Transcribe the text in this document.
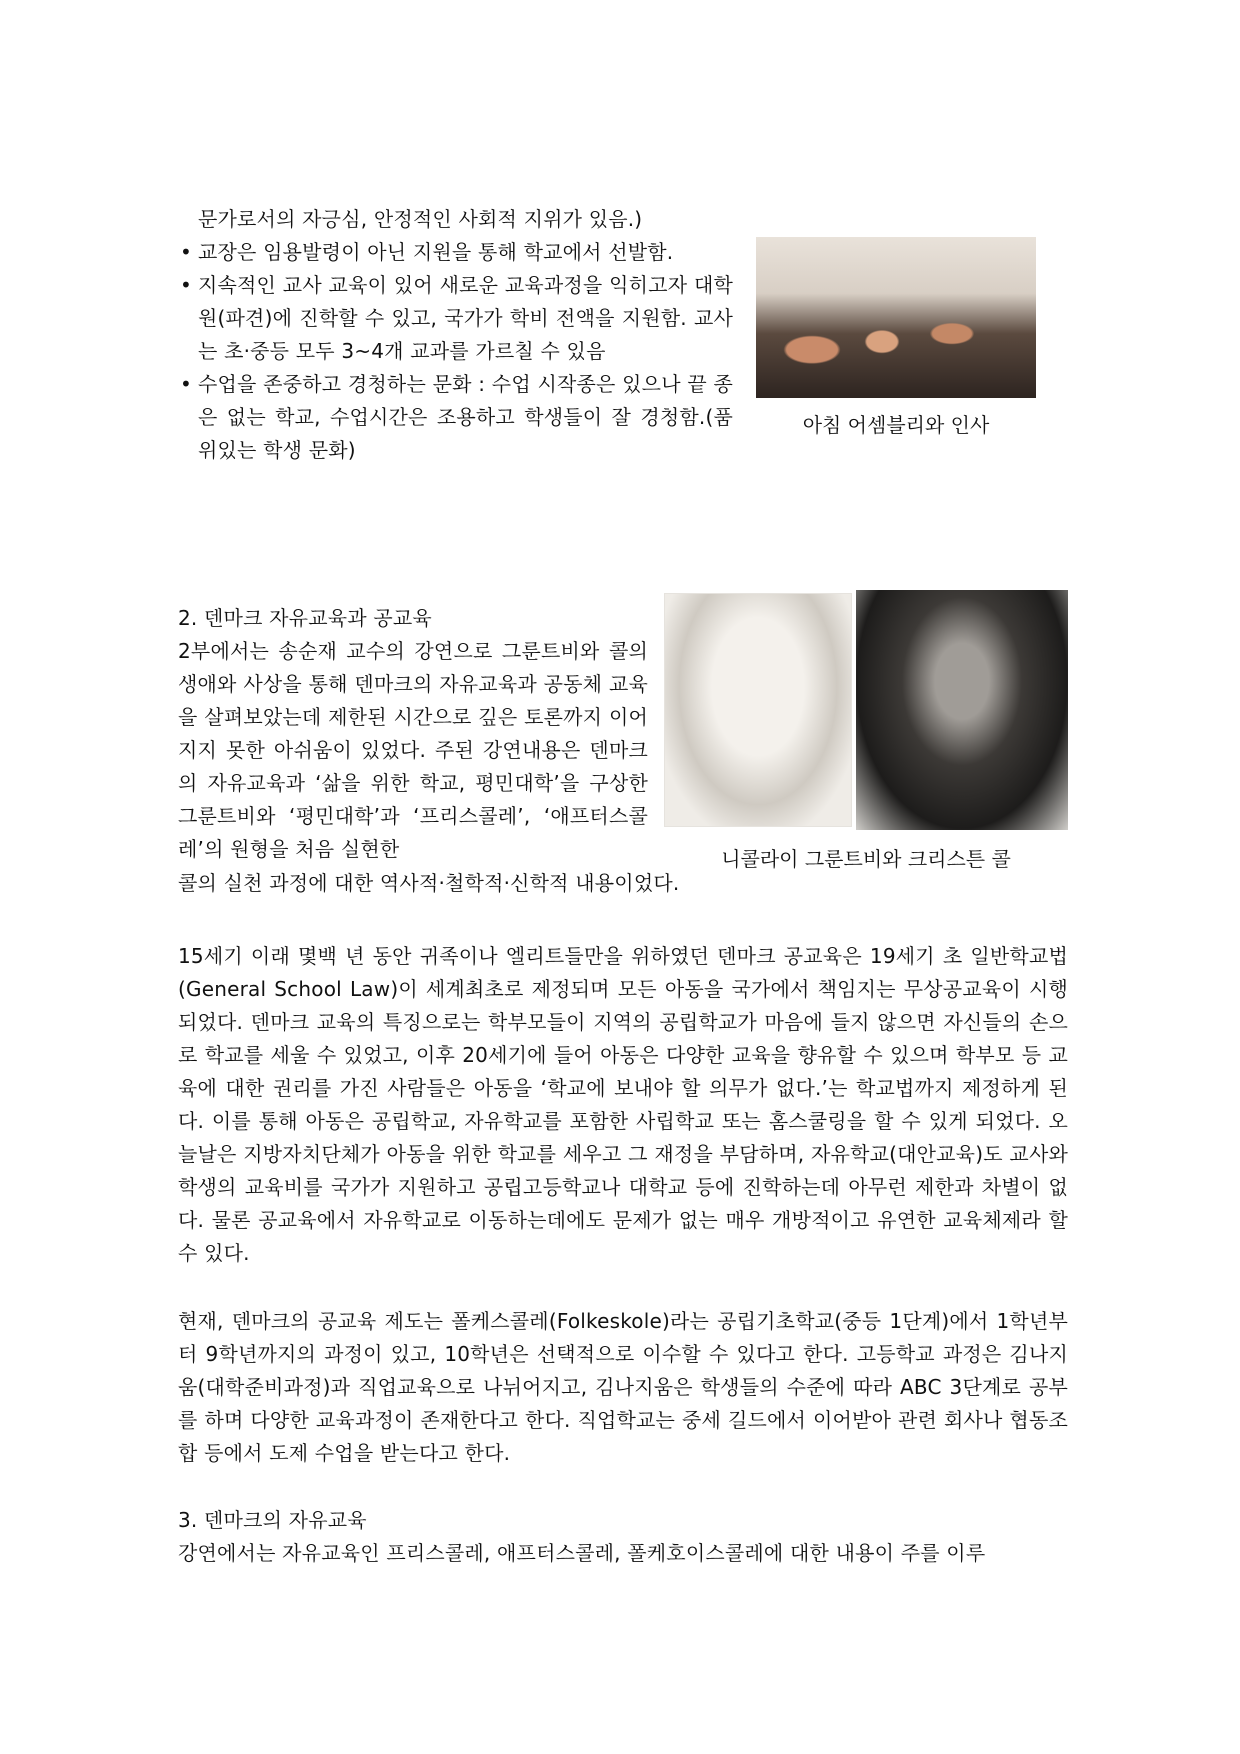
문가로서의 자긍심, 안정적인 사회적 지위가 있음.)

• 교장은 임용발령이 아닌 지원을 통해 학교에서 선발함.

• 지속적인 교사 교육이 있어 새로운 교육과정을 익히고자 대학원(파견)에 진학할 수 있고, 국가가 학비 전액을 지원함. 교사는 초·중등 모두 3~4개 교과를 가르칠 수 있음

• 수업을 존중하고 경청하는 문화 : 수업 시작종은 있으나 끝 종은 없는 학교, 수업시간은 조용하고 학생들이 잘 경청함.(품위있는 학생 문화)

아침 어셈블리와 인사

2. 덴마크 자유교육과 공교육

2부에서는 송순재 교수의 강연으로 그룬트비와 콜의 생애와 사상을 통해 덴마크의 자유교육과 공동체 교육을 살펴보았는데 제한된 시간으로 깊은 토론까지 이어지지 못한 아쉬움이 있었다. 주된 강연내용은 덴마크의 자유교육과 ‘삶을 위한 학교, 평민대학’을 구상한 그룬트비와 ‘평민대학’과 ‘프리스콜레’, ‘애프터스콜레’의 원형을 처음 실현한

콜의 실천 과정에 대한 역사적·철학적·신학적 내용이었다.

니콜라이 그룬트비와 크리스튼 콜

15세기 이래 몇백 년 동안 귀족이나 엘리트들만을 위하였던 덴마크 공교육은 19세기 초 일반학교법(General School Law)이 세계최초로 제정되며 모든 아동을 국가에서 책임지는 무상공교육이 시행되었다. 덴마크 교육의 특징으로는 학부모들이 지역의 공립학교가 마음에 들지 않으면 자신들의 손으로 학교를 세울 수 있었고, 이후 20세기에 들어 아동은 다양한 교육을 향유할 수 있으며 학부모 등 교육에 대한 권리를 가진 사람들은 아동을 ‘학교에 보내야 할 의무가 없다.’는 학교법까지 제정하게 된다. 이를 통해 아동은 공립학교, 자유학교를 포함한 사립학교 또는 홈스쿨링을 할 수 있게 되었다. 오늘날은 지방자치단체가 아동을 위한 학교를 세우고 그 재정을 부담하며, 자유학교(대안교육)도 교사와 학생의 교육비를 국가가 지원하고 공립고등학교나 대학교 등에 진학하는데 아무런 제한과 차별이 없다. 물론 공교육에서 자유학교로 이동하는데에도 문제가 없는 매우 개방적이고 유연한 교육체제라 할 수 있다.

현재, 덴마크의 공교육 제도는 폴케스콜레(Folkeskole)라는 공립기초학교(중등 1단계)에서 1학년부터 9학년까지의 과정이 있고, 10학년은 선택적으로 이수할 수 있다고 한다. 고등학교 과정은 김나지움(대학준비과정)과 직업교육으로 나뉘어지고, 김나지움은 학생들의 수준에 따라 ABC 3단계로 공부를 하며 다양한 교육과정이 존재한다고 한다. 직업학교는 중세 길드에서 이어받아 관련 회사나 협동조합 등에서 도제 수업을 받는다고 한다.

3. 덴마크의 자유교육

강연에서는 자유교육인 프리스콜레, 애프터스콜레, 폴케호이스콜레에 대한 내용이 주를 이루
